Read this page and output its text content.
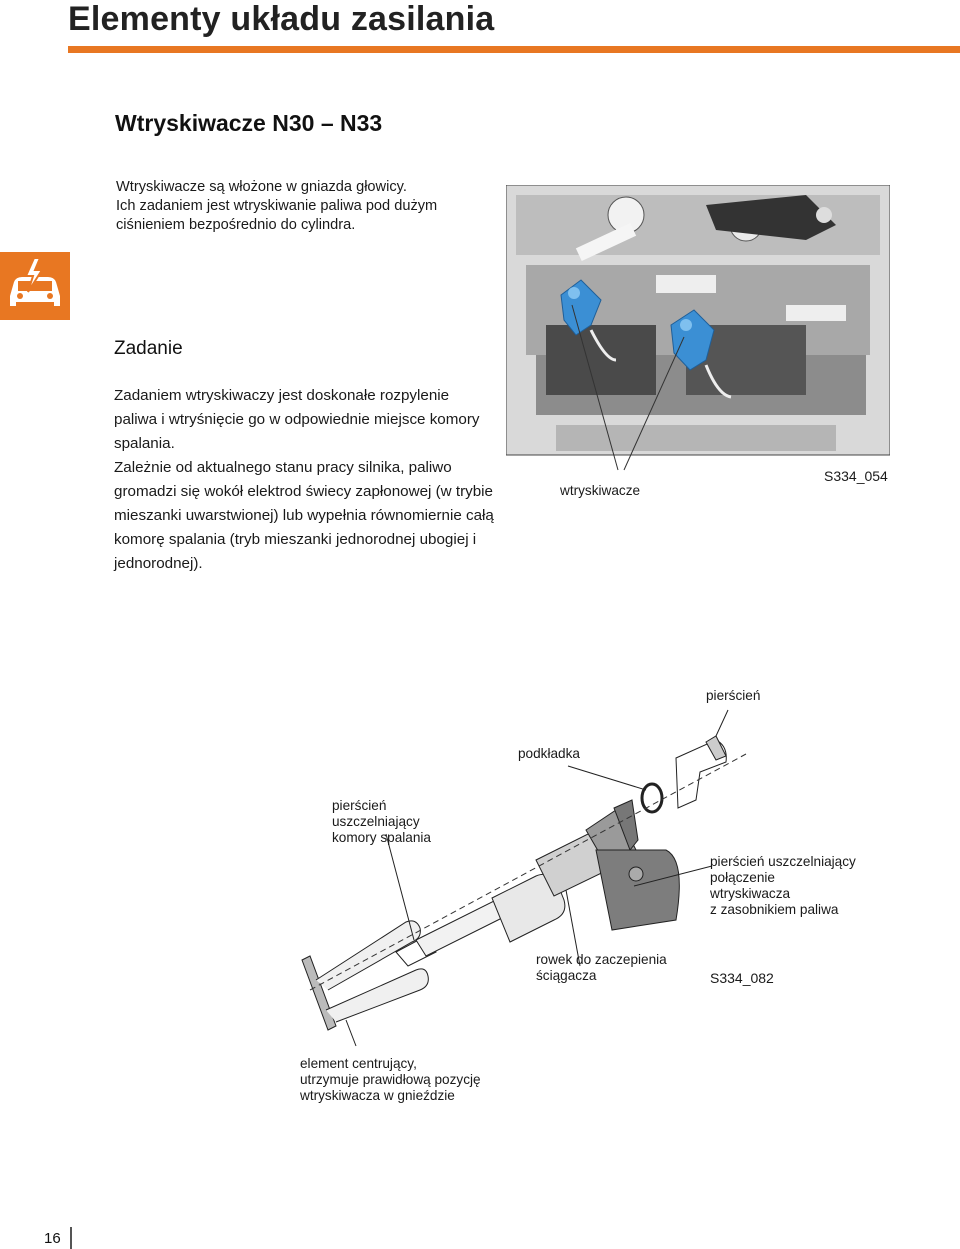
Elementy układu zasilania
Wtryskiwacze N30 – N33

Wtryskiwacze są włożone w gniazda głowicy.

Ich zadaniem jest wtryskiwanie paliwa pod dużym

ciśnieniem bezpośrednio do cylindra.

Zadanie

Zadaniem wtryskiwaczy jest doskonałe rozpylenie paliwa i wtryśnięcie go w odpowiednie miejsce komory spalania.

Zależnie od aktualnego stanu pracy silnika, paliwo gromadzi się wokół elektrod świecy zapłonowej (w trybie mieszanki uwarstwionej) lub wypełnia równomiernie całą komorę spalania (tryb mieszanki jednorodnej ubogiej i jednorodnej).

wtryskiwacze
S334_054
pierścień
podkładka
pierścień
uszczelniający
komory spalania
pierścień uszczelniający
połączenie wtryskiwacza
z zasobnikiem paliwa
rowek do zaczepienia
ściągacza	S334_082
element centrujący,
utrzymuje prawidłową pozycję
wtryskiwacza w gnieździe
16
